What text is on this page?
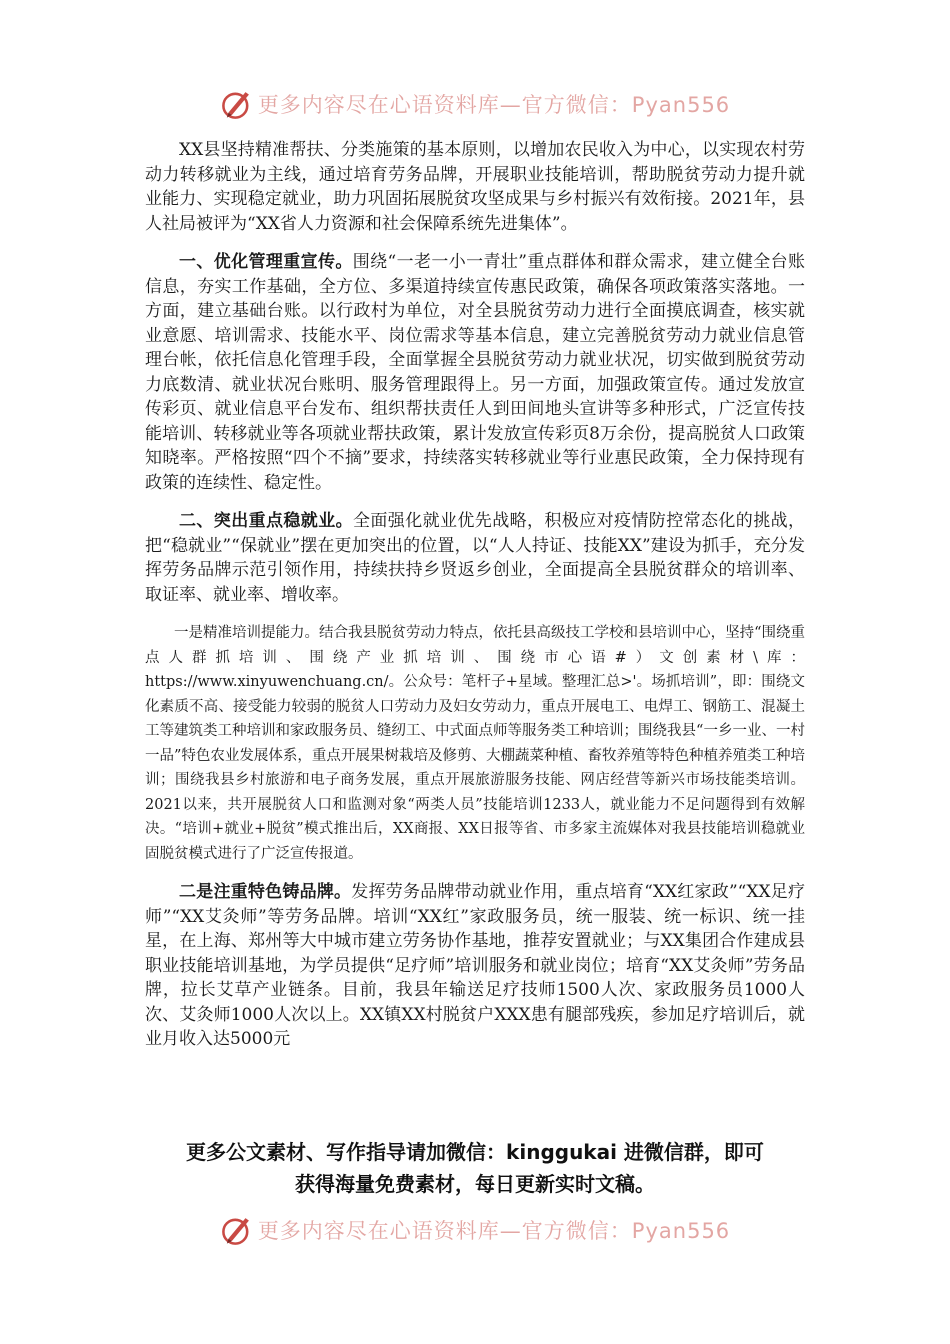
更多内容尽在心语资料库—官方微信：Pyan556

XX县坚持精准帮扶、分类施策的基本原则，以增加农民收入为中心，以实现农村劳动力转移就业为主线，通过培育劳务品牌，开展职业技能培训，帮助脱贫劳动力提升就业能力、实现稳定就业，助力巩固拓展脱贫攻坚成果与乡村振兴有效衔接。2021年，县人社局被评为“XX省人力资源和社会保障系统先进集体”。

一、优化管理重宣传。围绕“一老一小一青壮”重点群体和群众需求，建立健全台账信息，夯实工作基础，全方位、多渠道持续宣传惠民政策，确保各项政策落实落地。一方面，建立基础台账。以行政村为单位，对全县脱贫劳动力进行全面摸底调查，核实就业意愿、培训需求、技能水平、岗位需求等基本信息，建立完善脱贫劳动力就业信息管理台帐，依托信息化管理手段，全面掌握全县脱贫劳动力就业状况，切实做到脱贫劳动力底数清、就业状况台账明、服务管理跟得上。另一方面，加强政策宣传。通过发放宣传彩页、就业信息平台发布、组织帮扶责任人到田间地头宣讲等多种形式，广泛宣传技能培训、转移就业等各项就业帮扶政策，累计发放宣传彩页8万余份，提高脱贫人口政策知晓率。严格按照“四个不摘”要求，持续落实转移就业等行业惠民政策，全力保持现有政策的连续性、稳定性。

二、突出重点稳就业。全面强化就业优先战略，积极应对疫情防控常态化的挑战，把“稳就业”“保就业”摆在更加突出的位置，以“人人持证、技能XX”建设为抓手，充分发挥劳务品牌示范引领作用，持续扶持乡贤返乡创业，全面提高全县脱贫群众的培训率、取证率、就业率、增收率。

一是精准培训提能力。结合我县脱贫劳动力特点，依托县高级技工学校和县培训中心，坚持“围绕重点人群抓培训、围绕产业抓培训、围绕市心语#）文创素材\库：https://www.xinyuwenchuang.cn/。公众号：笔杆子+星域。整理汇总>'。场抓培训”，即：围绕文化素质不高、接受能力较弱的脱贫人口劳动力及妇女劳动力，重点开展电工、电焊工、钢筋工、混凝土工等建筑类工种培训和家政服务员、缝纫工、中式面点师等服务类工种培训；围绕我县“一乡一业、一村一品”特色农业发展体系，重点开展果树栽培及修剪、大棚蔬菜种植、畜牧养殖等特色种植养殖类工种培训；围绕我县乡村旅游和电子商务发展，重点开展旅游服务技能、网店经营等新兴市场技能类培训。2021以来，共开展脱贫人口和监测对象“两类人员”技能培训1233人，就业能力不足问题得到有效解决。“培训+就业+脱贫”模式推出后，XX商报、XX日报等省、市多家主流媒体对我县技能培训稳就业固脱贫模式进行了广泛宣传报道。

二是注重特色铸品牌。发挥劳务品牌带动就业作用，重点培育“XX红家政”“XX足疗师”“XX艾灸师”等劳务品牌。培训“XX红”家政服务员，统一服装、统一标识、统一挂星，在上海、郑州等大中城市建立劳务协作基地，推荐安置就业；与XX集团合作建成县职业技能培训基地，为学员提供“足疗师”培训服务和就业岗位；培育“XX艾灸师”劳务品牌，拉长艾草产业链条。目前，我县年输送足疗技师1500人次、家政服务员1000人次、艾灸师1000人次以上。XX镇XX村脱贫户XXX患有腿部残疾，参加足疗培训后，就业月收入达5000元

更多公文素材、写作指导请加微信：kinggukai 进微信群，即可
获得海量免费素材，每日更新实时文稿。
更多内容尽在心语资料库—官方微信：Pyan556
